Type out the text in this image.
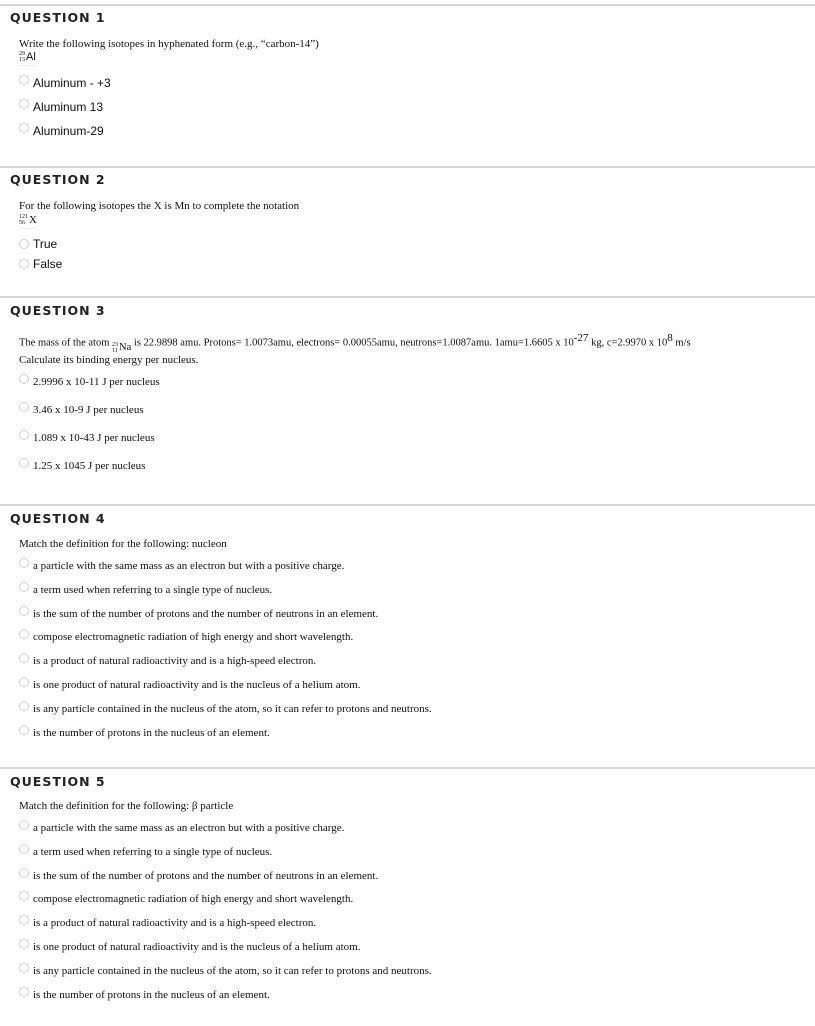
QUESTION 1
Write the following isotopes in hyphenated form (e.g., “carbon-14”)
29
13 Al
Aluminum - +3
Aluminum 13
Aluminum-29
QUESTION 2
For the following isotopes the X is Mn to complete the notation
121
56 X
True
False
QUESTION 3
The mass of the atom 23
11 Na is 22.9898 amu. Protons= 1.0073amu, electrons= 0.00055amu, neutrons=1.0087amu. 1amu=1.6605 x $10^{-27}$ kg, c=2.9970 x $10^8$ m/s
Calculate its binding energy per nucleus.
2.9996 x 10 -11
J per nucleus
3.46 x 10 -9
J per nucleus
1.089 x 10 -43
J per nucleus
1.25 x 10 45
J per nucleus
QUESTION 4
Match the definition for the following: nucleon
a particle with the same mass as an electron but with a positive charge.
a term used when referring to a single type of nucleus.
is the sum of the number of protons and the number of neutrons in an element.
compose electromagnetic radiation of high energy and short wavelength.
is a product of natural radioactivity and is a high-speed electron.
is one product of natural radioactivity and is the nucleus of a helium atom.
is any particle contained in the nucleus of the atom, so it can refer to protons and neutrons.
is the number of protons in the nucleus of an element.
QUESTION 5
Match the definition for the following: β particle
a particle with the same mass as an electron but with a positive charge.
a term used when referring to a single type of nucleus.
is the sum of the number of protons and the number of neutrons in an element.
compose electromagnetic radiation of high energy and short wavelength.
is a product of natural radioactivity and is a high-speed electron.
is one product of natural radioactivity and is the nucleus of a helium atom.
is any particle contained in the nucleus of the atom, so it can refer to protons and neutrons.
is the number of protons in the nucleus of an element.
